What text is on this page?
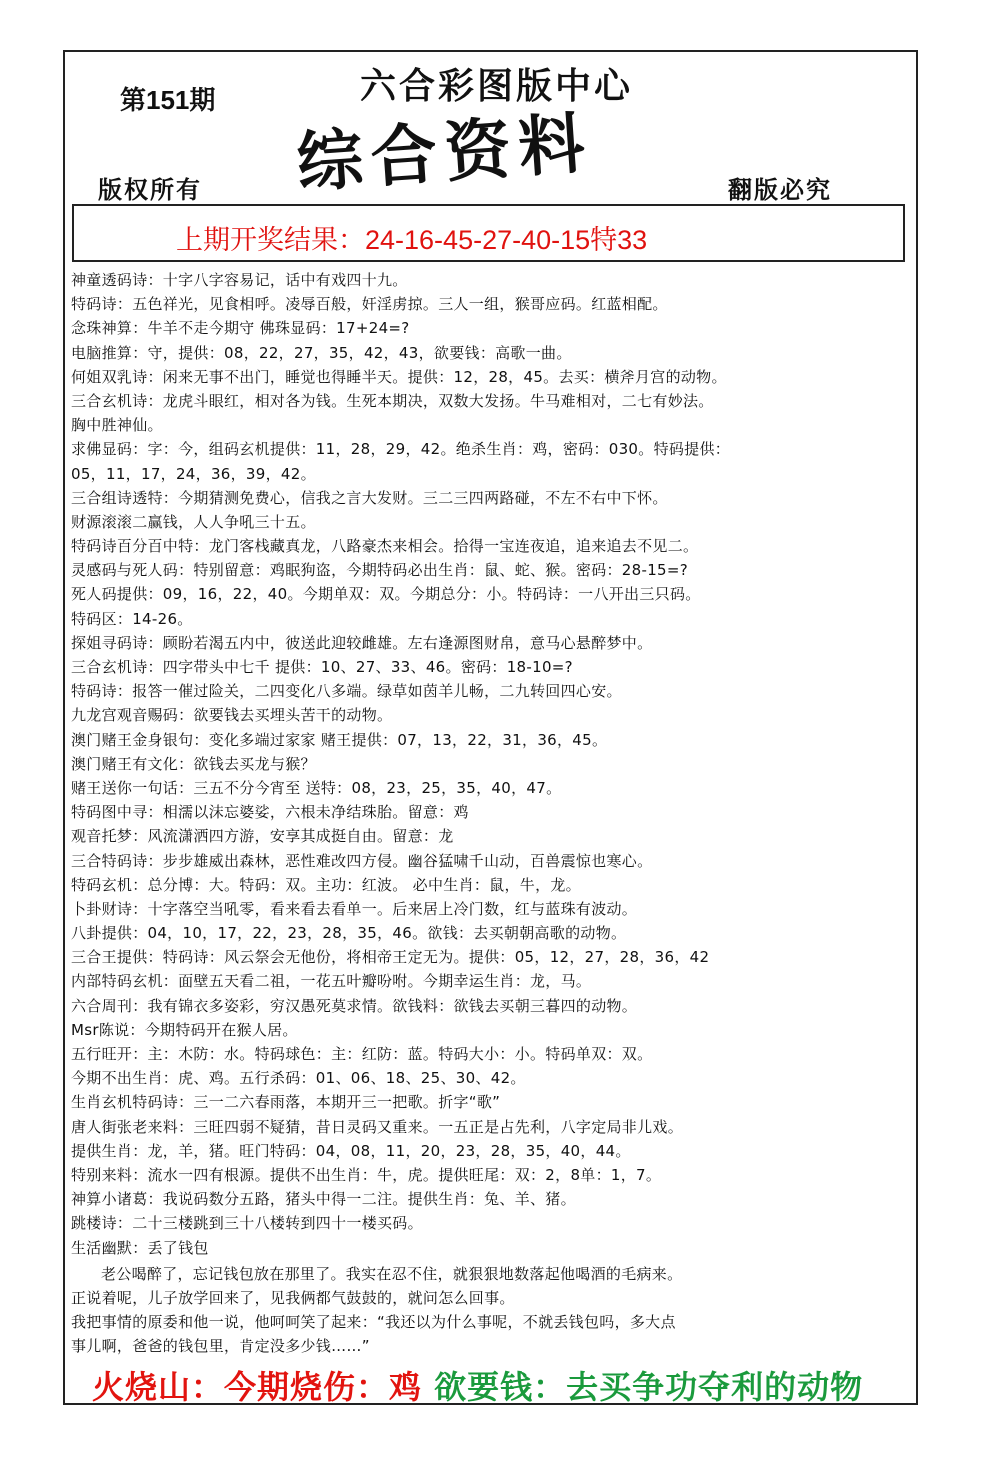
第151期	六合彩图版中心
综合资料
版权所有	翻版必究
上期开奖结果：24-16-45-27-40-15特33
神童透码诗：十字八字容易记，话中有戏四十九。
特码诗：五色祥光，见食相呼。凌辱百般，奸淫虏掠。三人一组，猴哥应码。红蓝相配。
念珠神算：牛羊不走今期守 佛珠显码：17+24=?
电脑推算：守，提供：08，22，27，35，42，43，欲要钱：高歌一曲。
何姐双乳诗：闲来无事不出门，睡觉也得睡半天。提供：12，28，45。去买：横斧月宫的动物。
三合玄机诗：龙虎斗眼红，相对各为钱。生死本期决，双数大发扬。牛马难相对，二七有妙法。
胸中胜神仙。
求佛显码：字：今，组码玄机提供：11，28，29，42。绝杀生肖：鸡，密码：030。特码提供：
05，11，17，24，36，39，42。
三合组诗透特：今期猜测免费心，信我之言大发财。三二三四两路碰，不左不右中下怀。
财源滚滚二赢钱，人人争吼三十五。
特码诗百分百中特：龙门客栈藏真龙，八路豪杰来相会。拾得一宝连夜追，追来追去不见二。
灵感码与死人码：特别留意：鸡眠狗盗，今期特码必出生肖：鼠、蛇、猴。密码：28-15=?
死人码提供：09，16，22，40。今期单双：双。今期总分：小。特码诗：一八开出三只码。
特码区：14-26。
探姐寻码诗：顾盼若渴五内中，彼送此迎较雌雄。左右逢源图财帛，意马心悬醉梦中。
三合玄机诗：四字带头中七千 提供：10、27、33、46。密码：18-10=?
特码诗：报答一催过险关，二四变化八多端。绿草如茵羊儿畅，二九转回四心安。
九龙宫观音赐码：欲要钱去买埋头苦干的动物。
澳门赌王金身银句：变化多端过家家 赌王提供：07，13，22，31，36，45。
澳门赌王有文化：欲钱去买龙与猴？
赌王送你一句话：三五不分今宵至 送特：08，23，25，35，40，47。
特码图中寻：相濡以沫忘婆娑，六根未净结珠胎。留意：鸡
观音托梦：风流潇洒四方游，安享其成挺自由。留意：龙
三合特码诗：步步雄威出森林，恶性难改四方侵。幽谷猛啸千山动，百兽震惊也寒心。
特码玄机：总分博：大。特码：双。主功：红波。 必中生肖：鼠，牛，龙。
卜卦财诗：十字落空当吼零，看来看去看单一。后来居上冷门数，红与蓝珠有波动。
八卦提供：04，10，17，22，23，28，35，46。欲钱：去买朝朝高歌的动物。
三合王提供：特码诗：风云祭会无他份，将相帝王定无为。提供：05，12，27，28，36，42
内部特码玄机：面壁五天看二祖，一花五叶瓣吩咐。今期幸运生肖：龙，马。
六合周刊：我有锦衣多姿彩，穷汉愚死莫求情。欲钱料：欲钱去买朝三暮四的动物。
Msr陈说：今期特码开在猴人居。
五行旺开：主：木防：水。特码球色：主：红防：蓝。特码大小：小。特码单双：双。
今期不出生肖：虎、鸡。五行杀码：01、06、18、25、30、42。
生肖玄机特码诗：三一二六春雨落，本期开三一把歌。折字“歌”
唐人街张老来料：三旺四弱不疑猜，昔日灵码又重来。一五正是占先利，八字定局非儿戏。
提供生肖：龙，羊，猪。旺门特码：04，08，11，20，23，28，35，40，44。
特别来料：流水一四有根源。提供不出生肖：牛，虎。提供旺尾：双：2，8单：1，7。
神算小诸葛：我说码数分五路，猪头中得一二注。提供生肖：兔、羊、猪。
跳楼诗：二十三楼跳到三十八楼转到四十一楼买码。
生活幽默：丢了钱包
老公喝醉了，忘记钱包放在那里了。我实在忍不住，就狠狠地数落起他喝酒的毛病来。
正说着呢，儿子放学回来了，见我俩都气鼓鼓的，就问怎么回事。
我把事情的原委和他一说，他呵呵笑了起来：“我还以为什么事呢，不就丢钱包吗，多大点
事儿啊，爸爸的钱包里，肯定没多少钱……”
火烧山：今期烧伤：鸡 欲要钱：去买争功夺利的动物
